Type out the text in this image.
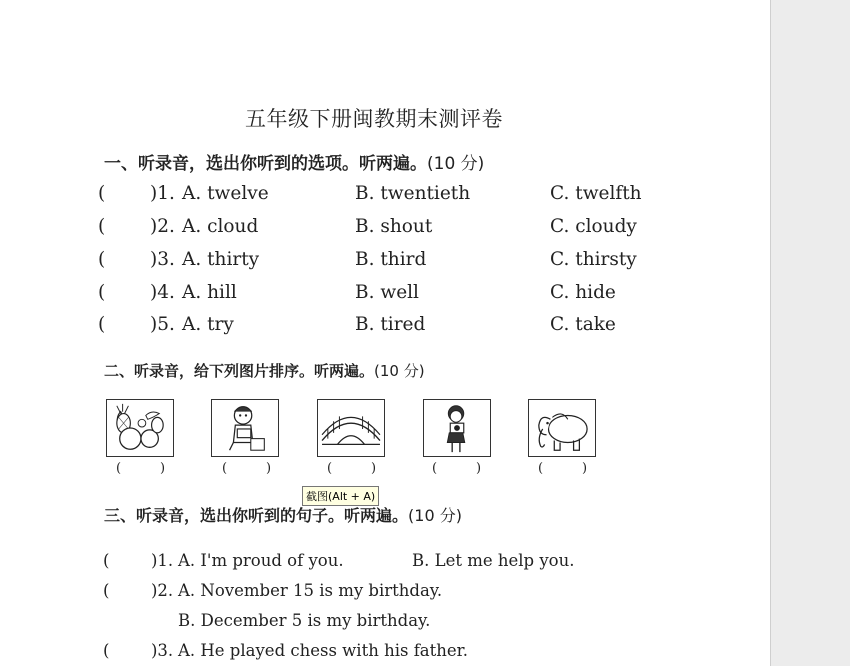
五年级下册闽教期末测评卷
一、听录音，选出你听到的选项。听两遍。(10 分)
( )1. A. twelve	B. twentieth	C. twelfth
( )2. A. cloud	B. shout	C. cloudy
( )3. A. thirty	B. third	C. thirsty
( )4. A. hill	B. well	C. hide
( )5. A. try	B. tired	C. take
二、听录音，给下列图片排序。听两遍。(10 分)
(	)	(	)	(	)	(	)	(	)
截图(Alt + A)
三、听录音，选出你听到的句子。听两遍。(10 分)
(	)1. A. I'm proud of you.	B. Let me help you.
(	)2. A. November 15 is my birthday.
B. December 5 is my birthday.
(	)3. A. He played chess with his father.
